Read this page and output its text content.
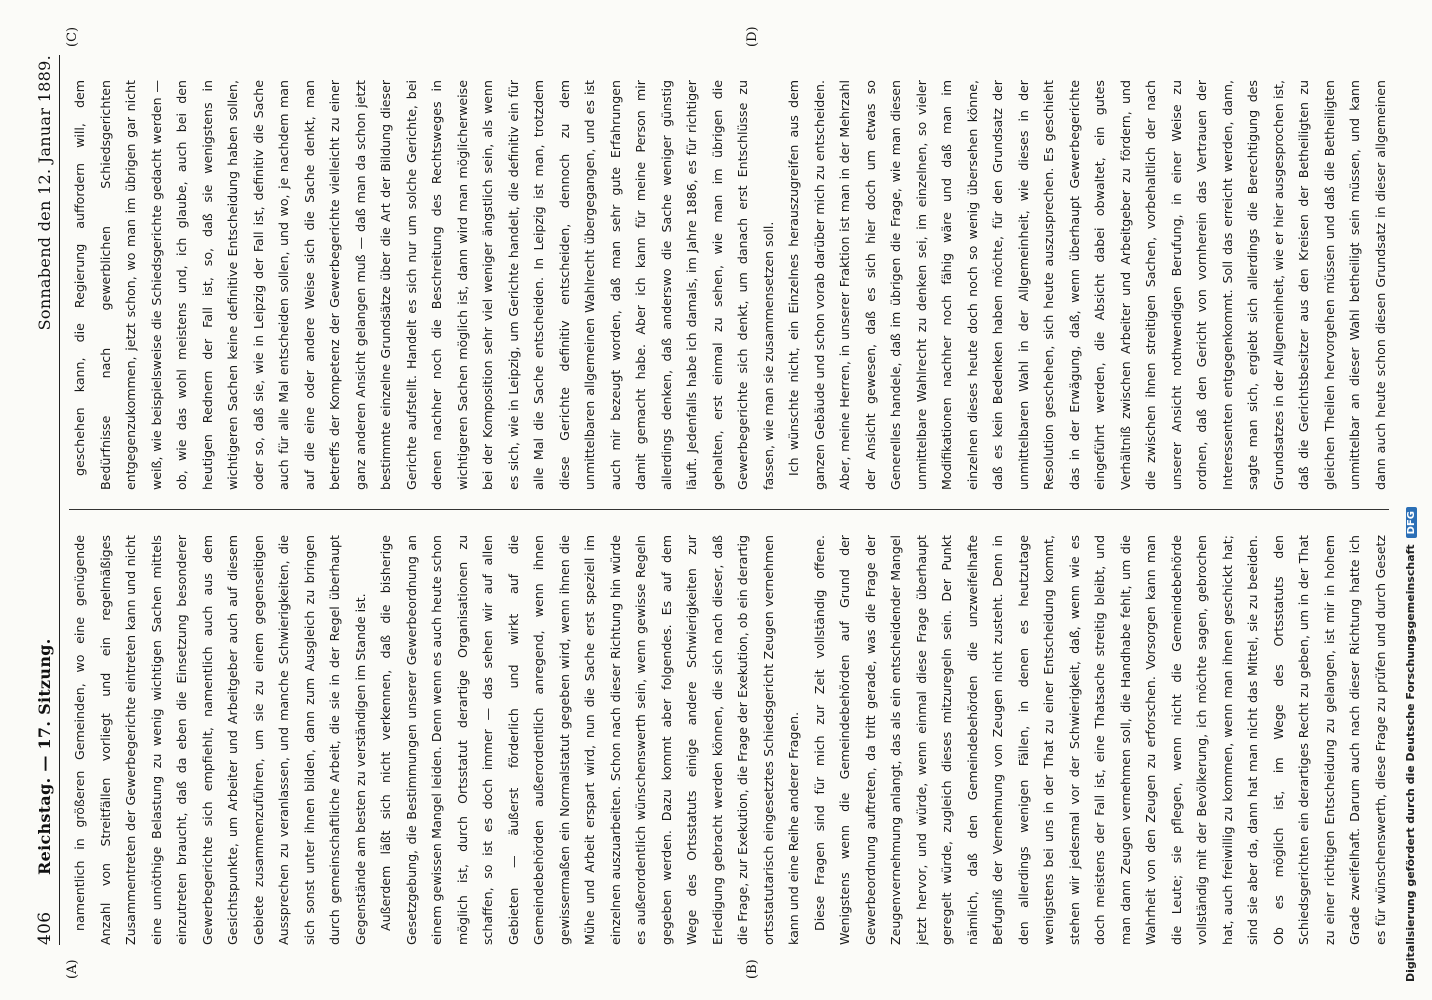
406
Reichstag. — 17. Sitzung.
Sonnabend den 12. Januar 1889.
(A)	(B)
(C)	(D)

namentlich in größeren Gemeinden, wo eine genügende Anzahl von Streitfällen vorliegt und ein regelmäßiges Zusammentreten der Gewerbegerichte eintreten kann und nicht eine unnöthige Belastung zu wenig wichtigen Sachen mittels einzutreten braucht, daß da eben die Einsetzung besonderer Gewerbegerichte sich empfiehlt, namentlich auch aus dem Gesichtspunkte, um Arbeiter und Arbeitgeber auch auf diesem Gebiete zusammenzuführen, um sie zu einem gegenseitigen Aussprechen zu veranlassen, und manche Schwierigkeiten, die sich sonst unter ihnen bilden, dann zum Ausgleich zu bringen durch gemeinschaftliche Arbeit, die sie in der Regel überhaupt Gegenstände am besten zu verständigen im Stande ist. Außerdem läßt sich nicht verkennen, daß die bisherige Gesetzgebung, die Bestimmungen unserer Gewerbeordnung an einem gewissen Mangel leiden. Denn wenn es auch heute schon möglich ist, durch Ortsstatut derartige Organisationen zu schaffen, so ist es doch immer — das sehen wir auf allen Gebieten — äußerst förderlich und wirkt auf die Gemeindebehörden außerordentlich anregend, wenn ihnen gewissermaßen ein Normalstatut gegeben wird, wenn ihnen die Mühe und Arbeit erspart wird, nun die Sache erst speziell im einzelnen auszuarbeiten. Schon nach dieser Richtung hin würde es außerordentlich wünschenswerth sein, wenn gewisse Regeln gegeben werden. Dazu kommt aber folgendes. Es auf dem Wege des Ortsstatuts einige andere Schwierigkeiten zur Erledigung gebracht werden können, die sich nach dieser, daß die Frage, zur Exekution, die Frage der Exekution, ob ein derartig ortsstatutarisch eingesetztes Schiedsgericht Zeugen vernehmen kann und eine Reihe anderer Fragen. Diese Fragen sind für mich zur Zeit vollständig offene. Wenigstens wenn die Gemeindebehörden auf Grund der Gewerbeordnung auftreten, da tritt gerade, was die Frage der Zeugenvernehmung anlangt, das als ein entscheidender Mangel jetzt hervor, und würde, wenn einmal diese Frage überhaupt geregelt würde, zugleich dieses mitzuregeln sein. Der Punkt nämlich, daß den Gemeindebehörden die unzweifelhafte Befugniß der Vernehmung von Zeugen nicht zusteht. Denn in den allerdings wenigen Fällen, in denen es heutzutage wenigstens bei uns in der That zu einer Entscheidung kommt, stehen wir jedesmal vor der Schwierigkeit, daß, wenn wie es doch meistens der Fall ist, eine Thatsache streitig bleibt, und man dann Zeugen vernehmen soll, die Handhabe fehlt, um die Wahrheit von den Zeugen zu erforschen. Vorsorgen kann man die Leute; sie pflegen, wenn nicht die Gemeindebehörde vollständig mit der Bevölkerung, ich möchte sagen, gebrochen hat, auch freiwillig zu kommen, wenn man ihnen geschickt hat; sind sie aber da, dann hat man nicht das Mittel, sie zu beeiden. Ob es möglich ist, im Wege des Ortsstatuts den Schiedsgerichten ein derartiges Recht zu geben, um in der That zu einer richtigen Entscheidung zu gelangen, ist mir in hohem Grade zweifelhaft. Darum auch nach dieser Richtung hatte ich es für wünschenswerth, diese Frage zu prüfen und durch Gesetz

geschehen kann, die Regierung auffordern will, dem Bedürfnisse nach gewerblichen Schiedsgerichten entgegenzukommen, jetzt schon, wo man im übrigen gar nicht weiß, wie beispielsweise die Schiedsgerichte gedacht werden — ob, wie das wohl meistens und, ich glaube, auch bei den heutigen Rednern der Fall ist, so, daß sie wenigstens in wichtigeren Sachen keine definitive Entscheidung haben sollen, oder so, daß sie, wie in Leipzig der Fall ist, definitiv die Sache auch für alle Mal entscheiden sollen, und wo, je nachdem man auf die eine oder andere Weise sich die Sache denkt, man betreffs der Kompetenz der Gewerbegerichte vielleicht zu einer ganz anderen Ansicht gelangen muß — daß man da schon jetzt bestimmte einzelne Grundsätze über die Art der Bildung dieser Gerichte aufstellt. Handelt es sich nur um solche Gerichte, bei denen nachher noch die Beschreitung des Rechtsweges in wichtigeren Sachen möglich ist, dann wird man möglicherweise bei der Komposition sehr viel weniger ängstlich sein, als wenn es sich, wie in Leipzig, um Gerichte handelt, die definitiv ein für alle Mal die Sache entscheiden. In Leipzig ist man, trotzdem diese Gerichte definitiv entscheiden, dennoch zu dem unmittelbaren allgemeinen Wahlrecht übergegangen, und es ist auch mir bezeugt worden, daß man sehr gute Erfahrungen damit gemacht habe. Aber ich kann für meine Person mir allerdings denken, daß anderswo die Sache weniger günstig läuft. Jedenfalls habe ich damals, im Jahre 1886, es für richtiger gehalten, erst einmal zu sehen, wie man im übrigen die Gewerbegerichte sich denkt, um danach erst Entschlüsse zu fassen, wie man sie zusammensetzen soll. Ich wünschte nicht, ein Einzelnes herauszugreifen aus dem ganzen Gebäude und schon vorab darüber mich zu entscheiden. Aber, meine Herren, in unserer Fraktion ist man in der Mehrzahl der Ansicht gewesen, daß es sich hier doch um etwas so Generelles handele, daß im übrigen die Frage, wie man diesen unmittelbare Wahlrecht zu denken sei, im einzelnen, so vieler Modifikationen nachher noch fähig wäre und daß man im einzelnen dieses heute doch noch so wenig übersehen könne, daß es kein Bedenken haben möchte, für den Grundsatz der unmittelbaren Wahl in der Allgemeinheit, wie dieses in der Resolution geschehen, sich heute auszusprechen. Es geschieht das in der Erwägung, daß, wenn überhaupt Gewerbegerichte eingeführt werden, die Absicht dabei obwaltet, ein gutes Verhältniß zwischen Arbeiter und Arbeitgeber zu fördern, und die zwischen ihnen streitigen Sachen, vorbehaltlich der nach unserer Ansicht nothwendigen Berufung, in einer Weise zu ordnen, daß den Gericht von vornherein das Vertrauen der Interessenten entgegenkommt. Soll das erreicht werden, dann, sagte man sich, ergiebt sich allerdings die Berechtigung des Grundsatzes in der Allgemeinheit, wie er hier ausgesprochen ist, daß die Gerichtsbesitzer aus den Kreisen der Betheiligten zu gleichen Theilen hervorgehen müssen und daß die Betheiligten unmittelbar an dieser Wahl betheiligt sein müssen, und kann dann auch heute schon diesen Grundsatz in dieser allgemeinen

Digitalisierung gefördert durch die Deutsche ForschungsgemeinschaftDFG
